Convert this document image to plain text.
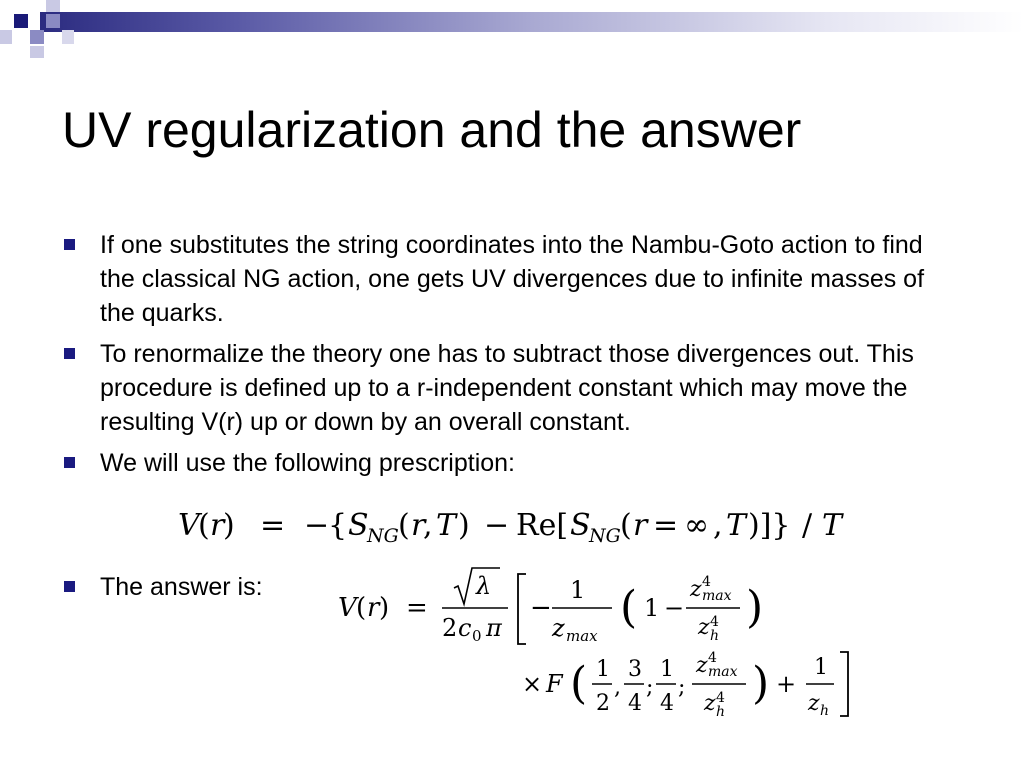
UV regularization and the answer
If one substitutes the string coordinates into the Nambu-Goto action to find the classical NG action, one gets UV divergences due to infinite masses of the quarks.
To renormalize the theory one has to subtract those divergences out. This procedure is defined up to a r-independent constant which may move the resulting V(r) up or down by an overall constant.
We will use the following prescription:
V
( r
) = −
{ S
NG ( r
, T ) − Re[ S
NG ( r = ∞ , T )]} / T
The answer is:
V ( r ) =
λ
2 c 0 π
−
1
z max
( 1 −
z 4
max
z 4
h
)
× F ( 1
2
,
3
4
;
1
4
;
z 4
max
z 4
h
) +
1
z h
